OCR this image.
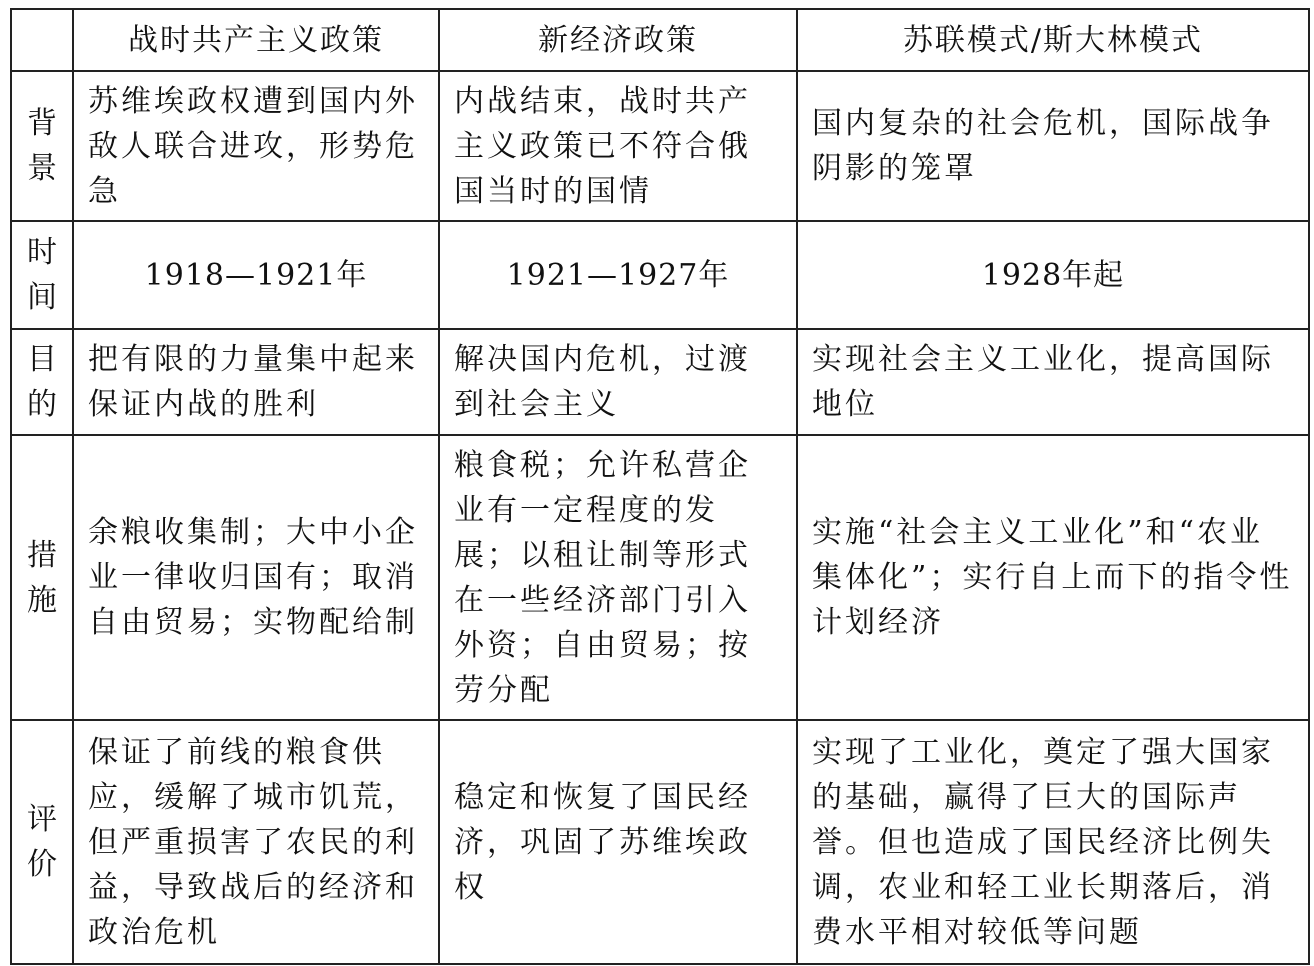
	战时共产主义政策	新经济政策	苏联模式/斯大林模式

背景	苏维埃政权遭到国内外敌人联合进攻，形势危急	内战结束，战时共产主义政策已不符合俄国当时的国情	国内复杂的社会危机，国际战争阴影的笼罩

时间	1918—1921年	1921—1927年	1928年起

目的	把有限的力量集中起来保证内战的胜利	解决国内危机，过渡到社会主义	实现社会主义工业化，提高国际地位

措施	余粮收集制；大中小企业一律收归国有；取消自由贸易；实物配给制	粮食税；允许私营企业有一定程度的发展；以租让制等形式在一些经济部门引入外资；自由贸易；按劳分配	实施“社会主义工业化”和“农业集体化”；实行自上而下的指令性计划经济

评价	保证了前线的粮食供应，缓解了城市饥荒，但严重损害了农民的利益，导致战后的经济和政治危机	稳定和恢复了国民经济，巩固了苏维埃政权	实现了工业化，奠定了强大国家的基础，赢得了巨大的国际声誉。但也造成了国民经济比例失调，农业和轻工业长期落后，消费水平相对较低等问题
